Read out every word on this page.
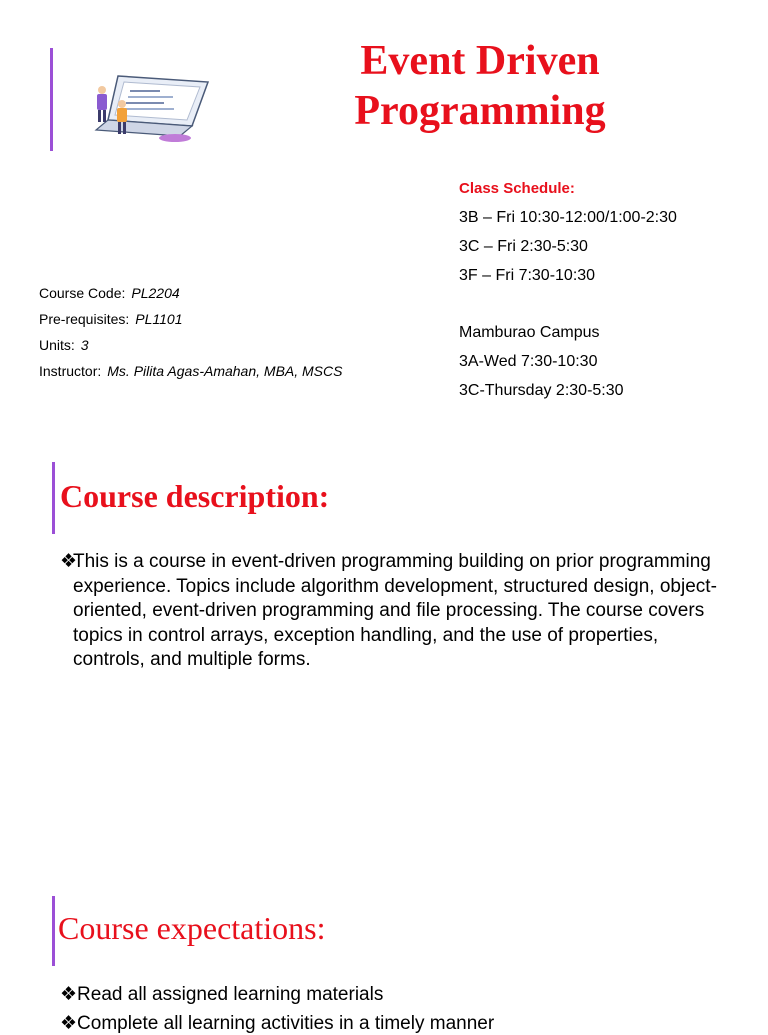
Event Driven
Programming
Class Schedule:
3B – Fri 10:30-12:00/1:00-2:30
3C – Fri 2:30-5:30
3F – Fri 7:30-10:30
Mamburao Campus
3A-Wed 7:30-10:30
3C-Thursday 2:30-5:30
Course Code: PL2204
Pre-requisites: PL1101
Units: 3
Instructor: Ms. Pilita Agas-Amahan, MBA, MSCS
Course description:
❖
This is a course in event-driven programming building on prior programming experience. Topics include algorithm development, structured design, object-oriented, event-driven programming and file processing. The course covers topics in control arrays, exception handling, and the use of properties, controls, and multiple forms.
Course expectations:
❖Read all assigned learning materials
❖Complete all learning activities in a timely manner
